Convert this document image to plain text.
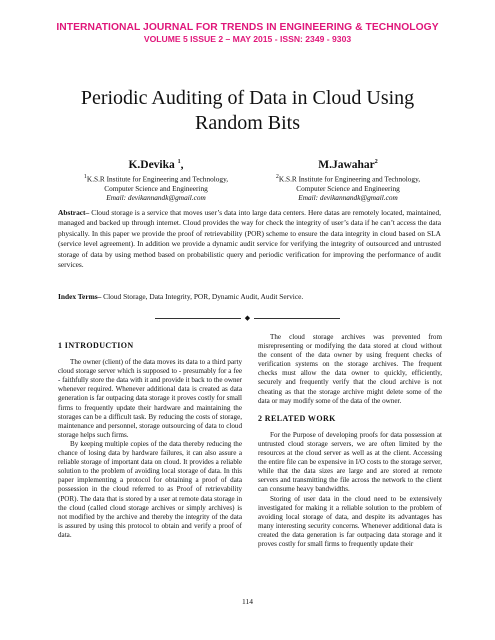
INTERNATIONAL JOURNAL FOR TRENDS IN ENGINEERING & TECHNOLOGY
VOLUME 5 ISSUE 2 – MAY 2015 - ISSN: 2349 - 9303
Periodic Auditing of Data in Cloud Using
Random Bits
K.Devika $^1$,
$^1$K.S.R Institute for Engineering and Technology,
Computer Science and Engineering
Email: devikannandk@gmail.com
M.Jawahar$^2$
$^2$K.S.R Institute for Engineering and Technology,
Computer Science and Engineering
Email: devikannandk@gmail.com
Abstract– Cloud storage is a service that moves user’s data into large data centers. Here datas are remotely located, maintained, managed and backed up through internet. Cloud provides the way for check the integrity of user’s data if he can’t access the data physically. In this paper we provide the proof of retrievability (POR) scheme to ensure the data integrity in cloud based on SLA (service level agreement). In addition we provide a dynamic audit service for verifying the integrity of outsourced and untrusted storage of data by using method based on probabilistic query and periodic verification for improving the performance of audit services.
Index Terms– Cloud Storage, Data Integrity, POR, Dynamic Audit, Audit Service.
◆
1 INTRODUCTION

The owner (client) of the data moves its data to a third party cloud storage server which is supposed to - presumably for a fee - faithfully store the data with it and provide it back to the owner whenever required. Whenever additional data is created as data generation is far outpacing data storage it proves costly for small firms to frequently update their hardware and maintaining the storages can be a difficult task. By reducing the costs of storage, maintenance and personnel, storage outsourcing of data to cloud storage helps such firms.

By keeping multiple copies of the data thereby reducing the chance of losing data by hardware failures, it can also assure a reliable storage of important data on cloud. It provides a reliable solution to the problem of avoiding local storage of data. In this paper implementing a protocol for obtaining a proof of data possession in the cloud referred to as Proof of retrievability (POR). The data that is stored by a user at remote data storage in the cloud (called cloud storage archives or simply archives) is not modified by the archive and thereby the integrity of the data is assured by using this protocol to obtain and verify a proof of data.

The cloud storage archives was prevented from misrepresenting or modifying the data stored at cloud without the consent of the data owner by using frequent checks of verification systems on the storage archives. The frequent checks must allow the data owner to quickly, efficiently, securely and frequently verify that the cloud archive is not cheating as that the storage archive might delete some of the data or may modify some of the data of the owner.

2 RELATED WORK

For the Purpose of developing proofs for data possession at untrusted cloud storage servers, we are often limited by the resources at the cloud server as well as at the client. Accessing the entire file can be expensive in I/O costs to the storage server, while that the data sizes are large and are stored at remote servers and transmitting the file across the network to the client can consume heavy bandwidths.

Storing of user data in the cloud need to be extensively investigated for making it a reliable solution to the problem of avoiding local storage of data, and despite its advantages has many interesting security concerns. Whenever additional data is created the data generation is far outpacing data storage and it proves costly for small firms to frequently update their

114
